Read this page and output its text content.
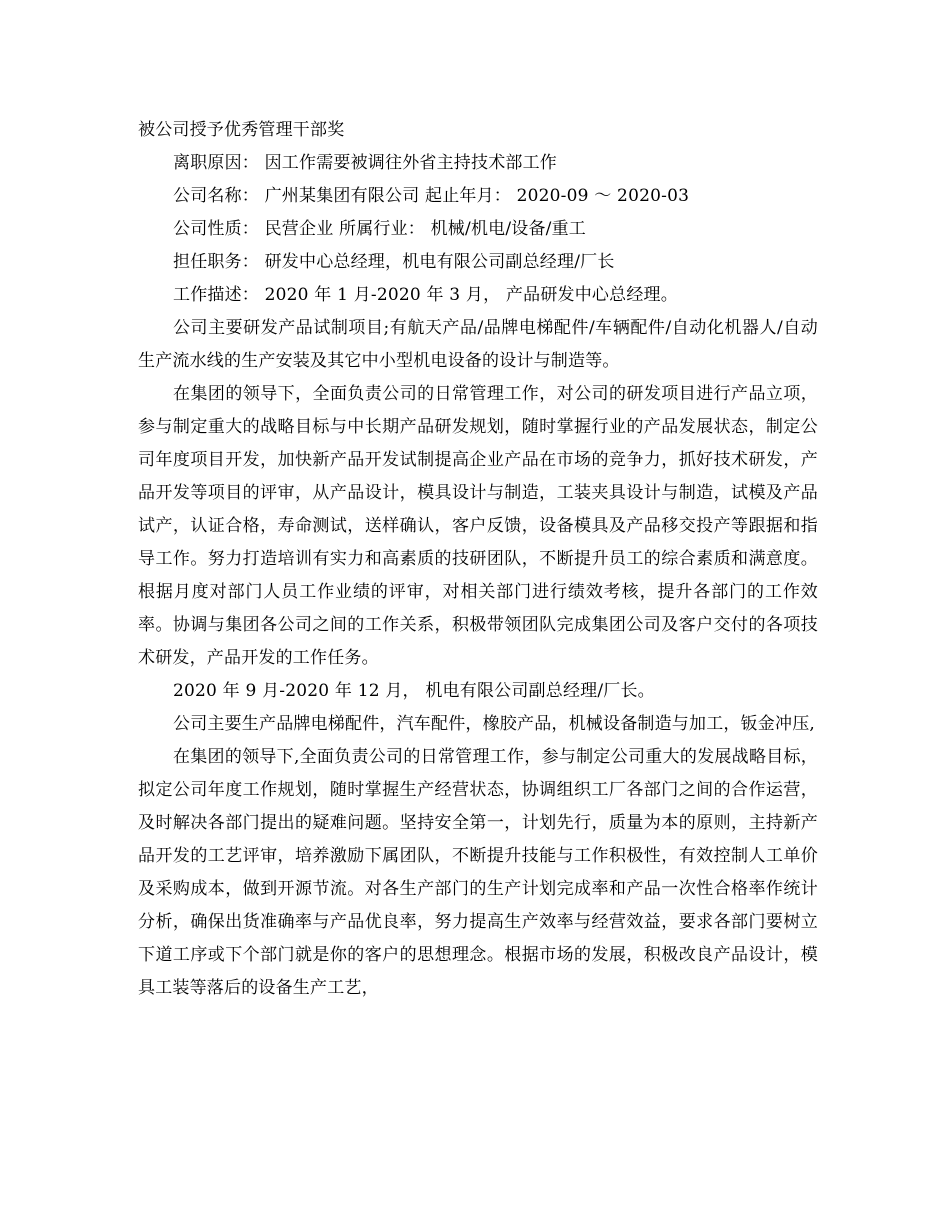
被公司授予优秀管理干部奖
离职原因： 因工作需要被调往外省主持技术部工作
公司名称： 广州某集团有限公司 起止年月： 2020-09 ～ 2020-03
公司性质： 民营企业 所属行业： 机械/机电/设备/重工
担任职务： 研发中心总经理，机电有限公司副总经理/厂长
工作描述： 2020 年 1 月-2020 年 3 月， 产品研发中心总经理。

公司主要研发产品试制项目;有航天产品/品牌电梯配件/车辆配件/自动化机器人/自动生产流水线的生产安装及其它中小型机电设备的设计与制造等。

在集团的领导下，全面负责公司的日常管理工作，对公司的研发项目进行产品立项，参与制定重大的战略目标与中长期产品研发规划，随时掌握行业的产品发展状态，制定公司年度项目开发，加快新产品开发试制提高企业产品在市场的竞争力，抓好技术研发，产品开发等项目的评审，从产品设计，模具设计与制造，工装夹具设计与制造，试模及产品试产，认证合格，寿命测试，送样确认，客户反馈，设备模具及产品移交投产等跟据和指导工作。努力打造培训有实力和高素质的技研团队，不断提升员工的综合素质和满意度。根据月度对部门人员工作业绩的评审，对相关部门进行绩效考核，提升各部门的工作效率。协调与集团各公司之间的工作关系，积极带领团队完成集团公司及客户交付的各项技术研发，产品开发的工作任务。

2020 年 9 月-2020 年 12 月， 机电有限公司副总经理/厂长。

公司主要生产品牌电梯配件，汽车配件，橡胶产品，机械设备制造与加工，钣金冲压,

在集团的领导下,全面负责公司的日常管理工作，参与制定公司重大的发展战略目标，拟定公司年度工作规划，随时掌握生产经营状态，协调组织工厂各部门之间的合作运营，及时解决各部门提出的疑难问题。坚持安全第一，计划先行，质量为本的原则，主持新产品开发的工艺评审，培养激励下属团队，不断提升技能与工作积极性，有效控制人工单价及采购成本，做到开源节流。对各生产部门的生产计划完成率和产品一次性合格率作统计分析，确保出货准确率与产品优良率，努力提高生产效率与经营效益，要求各部门要树立下道工序或下个部门就是你的客户的思想理念。根据市场的发展，积极改良产品设计，模具工装等落后的设备生产工艺，
